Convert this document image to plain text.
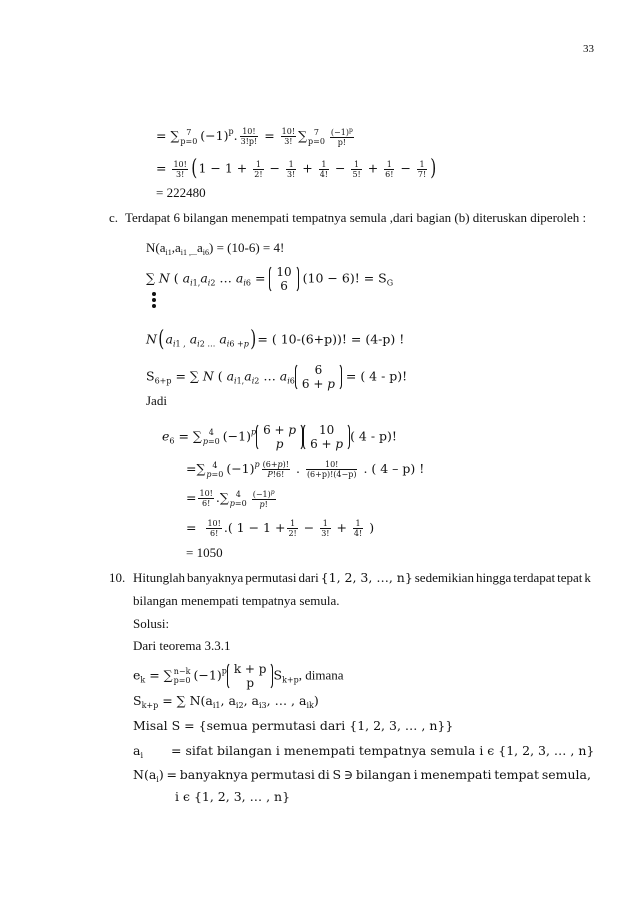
33
= ∑ 7
p=0 $(-1)^p$. $\frac{10!}{3!p!} = \frac{10!}{3!}$ ∑ 7
$p=0 \frac{(-1)^p}{p!}$
= $\frac{10!}{3!} (1 - 1 + \frac{1}{2!} - \frac{1}{3!} + \frac{1}{4!} - \frac{1}{5!} + \frac{1}{6!} - \frac{1}{7!}$ )
= 222480
c. Terdapat 6 bilangan menempati tempatnya semula ,dari bagian (b) diteruskan diperoleh :
$N(a_{i1},a_{i1 ,...}a_{i6}) = (10-6) = 4$!
∑ 𝑁 ( 𝑎$_{𝑖1,}$𝑎$_{𝑖2}$ … 𝑎$_{𝑖6}$ = 10
6
(10 − 6)! = $S_G$
𝑁(𝑎$_{𝑖1 ,}$ 𝑎$_{𝑖2 \dots}$ 𝑎$_{𝑖6 +𝑝}$)= ( 10-(6+p))! = (4-p) !
$S_{6+p}$ = ∑ 𝑁 ( 𝑎$_{𝑖1,}$𝑎$_{𝑖2}$ … 𝑎$_{𝑖6}$
6
6 + 𝑝
= ( 4 - p)!
Jadi
𝑒$_6$ = ∑ 4
𝑝=0 $(-1)^𝑝$ 6 + 𝑝
𝑝
10
6 + 𝑝
( 4 - p)!
=∑ 4
𝑝=0 $(-1)^𝑝 \frac{\text{(6+𝑝)!}}{\text{𝑃!6!}}$ . $\frac{10!}{(6+p)!(4-p)}$ . ( 4 – p) !
= $\frac{10!}{6!}$ .∑ 4
𝑝=0 $\frac{(-1)^𝑝}{\text{𝑝!}}$
= $\frac{10!}{6!}$ .( $1 - 1 + \frac{1}{2!} - \frac{1}{3!} + \frac{1}{4!}$ )
= 1050
10. Hitunglah banyaknya permutasi dari {1, 2, 3, …, n} sedemikian hingga terdapat tepat k
bilangan menempati tempatnya semula.
Solusi:
Dari teorema 3.3.1
$e_k$ = ∑ n−k
p=0 $(-1)^p$ k + p
p
$S_{k+p}$, dimana
$S_{k+p}$ = ∑ $N(a_{i1}$, $a_{i2}$, $a_{i3}$, … , $a_{ik}$)
Misal S = {semua permutasi dari {1, 2, 3, … , n}}
$a_i$ = sifat bilangan i menempati tempatnya semula i ϵ {1, 2, 3, … , n}
$N(a_i)$ = banyaknya permutasi di S ∋ bilangan i menempati tempat semula,
i ϵ {1, 2, 3, … , n}
